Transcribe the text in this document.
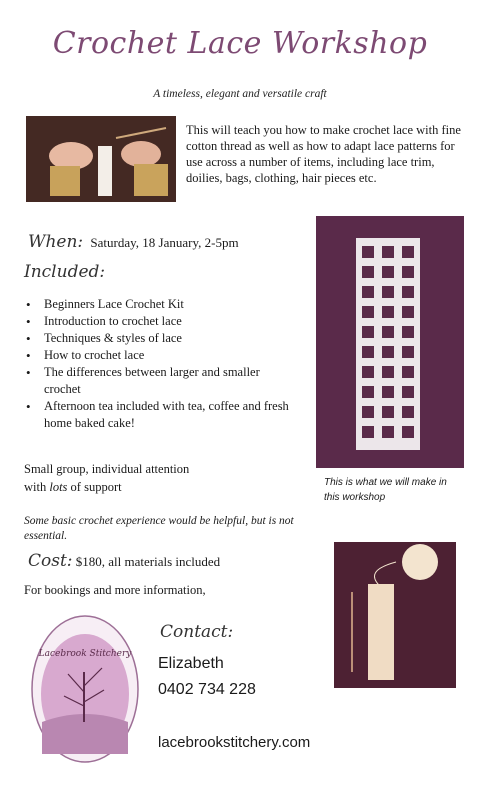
Crochet Lace Workshop
A timeless, elegant and versatile craft
This will teach you how to make crochet lace with fine cotton thread as well as how to adapt lace patterns for use across a number of items, including lace trim, doilies, bags, clothing, hair pieces etc.
When: Saturday, 18 January, 2-5pm
Included:
• Beginners Lace Crochet Kit
• Introduction to crochet lace
• Techniques & styles of lace
• How to crochet lace
• The differences between larger and smaller crochet
• Afternoon tea included with tea, coffee and fresh home baked cake!
Small group, individual attention
with lots of support	This is what we will make in this workshop
Some basic crochet experience would be helpful, but is not essential.
Cost: $180, all materials included
For bookings and more information,
Lacebrook Stitchery
Contact:
Elizabeth
0402 734 228
lacebrookstitchery.com
